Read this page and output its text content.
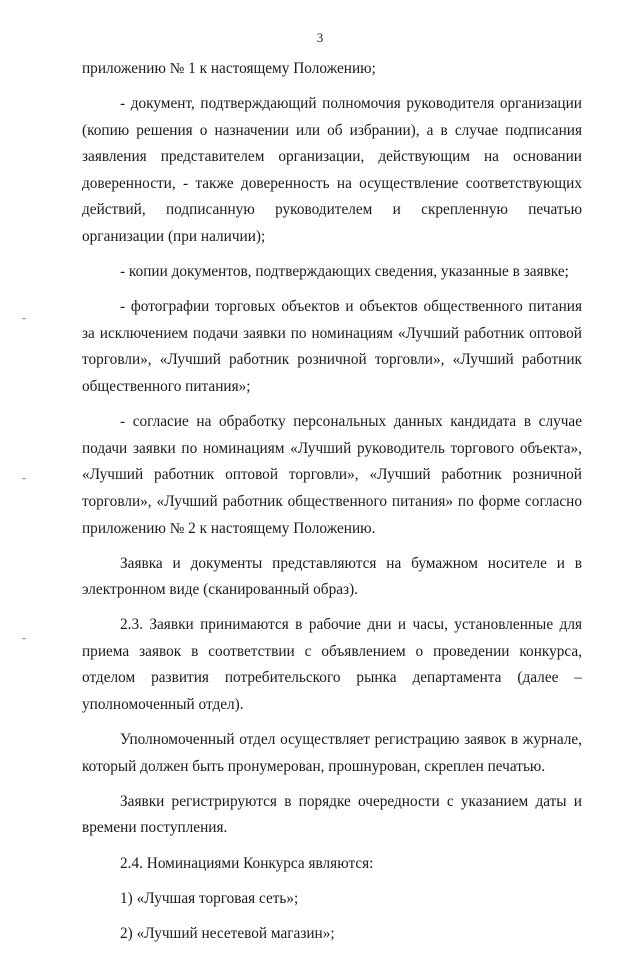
3

приложению № 1 к настоящему Положению;

- документ, подтверждающий полномочия руководителя организации (копию решения о назначении или об избрании), а в случае подписания заявления представителем организации, действующим на основании доверенности, - также доверенность на осуществление соответствующих действий, подписанную руководителем и скрепленную печатью организации (при наличии);

- копии документов, подтверждающих сведения, указанные в заявке;

- фотографии торговых объектов и объектов общественного питания за исключением подачи заявки по номинациям «Лучший работник оптовой торговли», «Лучший работник розничной торговли», «Лучший работник общественного питания»;

- согласие на обработку персональных данных кандидата в случае подачи заявки по номинациям «Лучший руководитель торгового объекта», «Лучший работник оптовой торговли», «Лучший работник розничной торговли», «Лучший работник общественного питания» по форме согласно приложению № 2 к настоящему Положению.

Заявка и документы представляются на бумажном носителе и в электронном виде (сканированный образ).

2.3. Заявки принимаются в рабочие дни и часы, установленные для приема заявок в соответствии с объявлением о проведении конкурса, отделом развития потребительского рынка департамента (далее – уполномоченный отдел).

Уполномоченный отдел осуществляет регистрацию заявок в журнале, который должен быть пронумерован, прошнурован, скреплен печатью.

Заявки регистрируются в порядке очередности с указанием даты и времени поступления.

2.4. Номинациями Конкурса являются:

1) «Лучшая торговая сеть»;

2) «Лучший несетевой магазин»;
